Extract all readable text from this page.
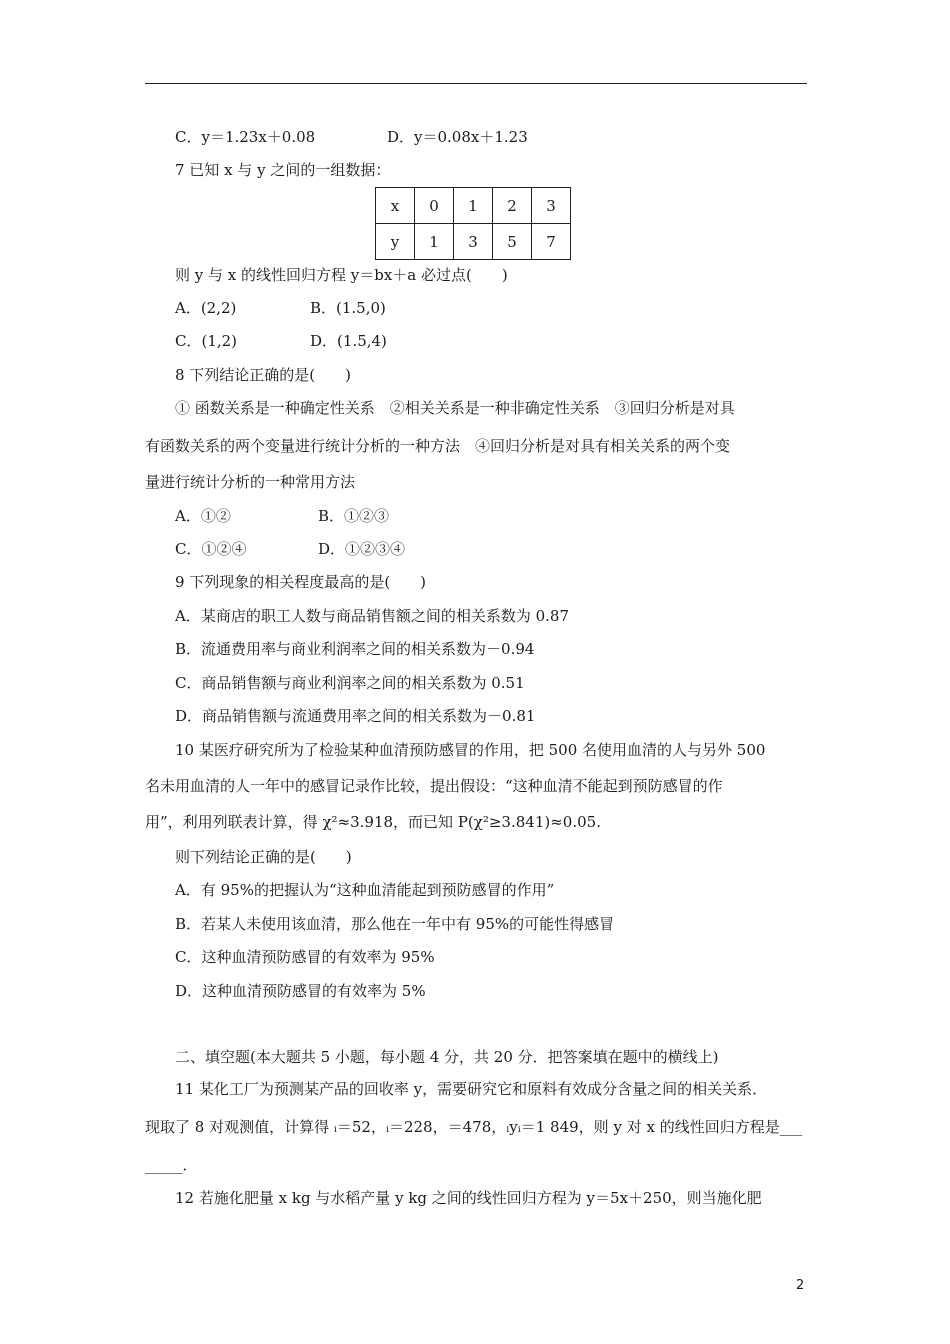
C．y＝1.23x＋0.08	D．y＝0.08x＋1.23
7 已知 x 与 y 之间的一组数据：
x	0	1	2	3
y	1	3	5	7
则 y 与 x 的线性回归方程 y＝bx＋a 必过点(　　)
A．(2,2)	B．(1.5,0)
C．(1,2)	D．(1.5,4)
8 下列结论正确的是(　　)
① 函数关系是一种确定性关系　②相关关系是一种非确定性关系　③回归分析是对具
有函数关系的两个变量进行统计分析的一种方法　④回归分析是对具有相关关系的两个变
量进行统计分析的一种常用方法
A．①②	B．①②③
C．①②④	D．①②③④
9 下列现象的相关程度最高的是(　　)
A．某商店的职工人数与商品销售额之间的相关系数为 0.87
B．流通费用率与商业利润率之间的相关系数为－0.94
C．商品销售额与商业利润率之间的相关系数为 0.51
D．商品销售额与流通费用率之间的相关系数为－0.81
10 某医疗研究所为了检验某种血清预防感冒的作用，把 500 名使用血清的人与另外 500
名未用血清的人一年中的感冒记录作比较，提出假设：“这种血清不能起到预防感冒的作
用”，利用列联表计算，得 χ²≈3.918，而已知 P(χ²≥3.841)≈0.05.
则下列结论正确的是(　　)
A．有 95%的把握认为“这种血清能起到预防感冒的作用”
B．若某人未使用该血清，那么他在一年中有 95%的可能性得感冒
C．这种血清预防感冒的有效率为 95%
D．这种血清预防感冒的有效率为 5%
二、填空题(本大题共 5 小题，每小题 4 分，共 20 分．把答案填在题中的横线上)
11 某化工厂为预测某产品的回收率 y，需要研究它和原料有效成分含量之间的相关关系．
现取了 8 对观测值，计算得 ᵢ＝52，ᵢ＝228，＝478，ᵢyᵢ＝1 849，则 y 对 x 的线性回归方程是___
_____．
12 若施化肥量 x kg 与水稻产量 y kg 之间的线性回归方程为 y＝5x＋250，则当施化肥
2
